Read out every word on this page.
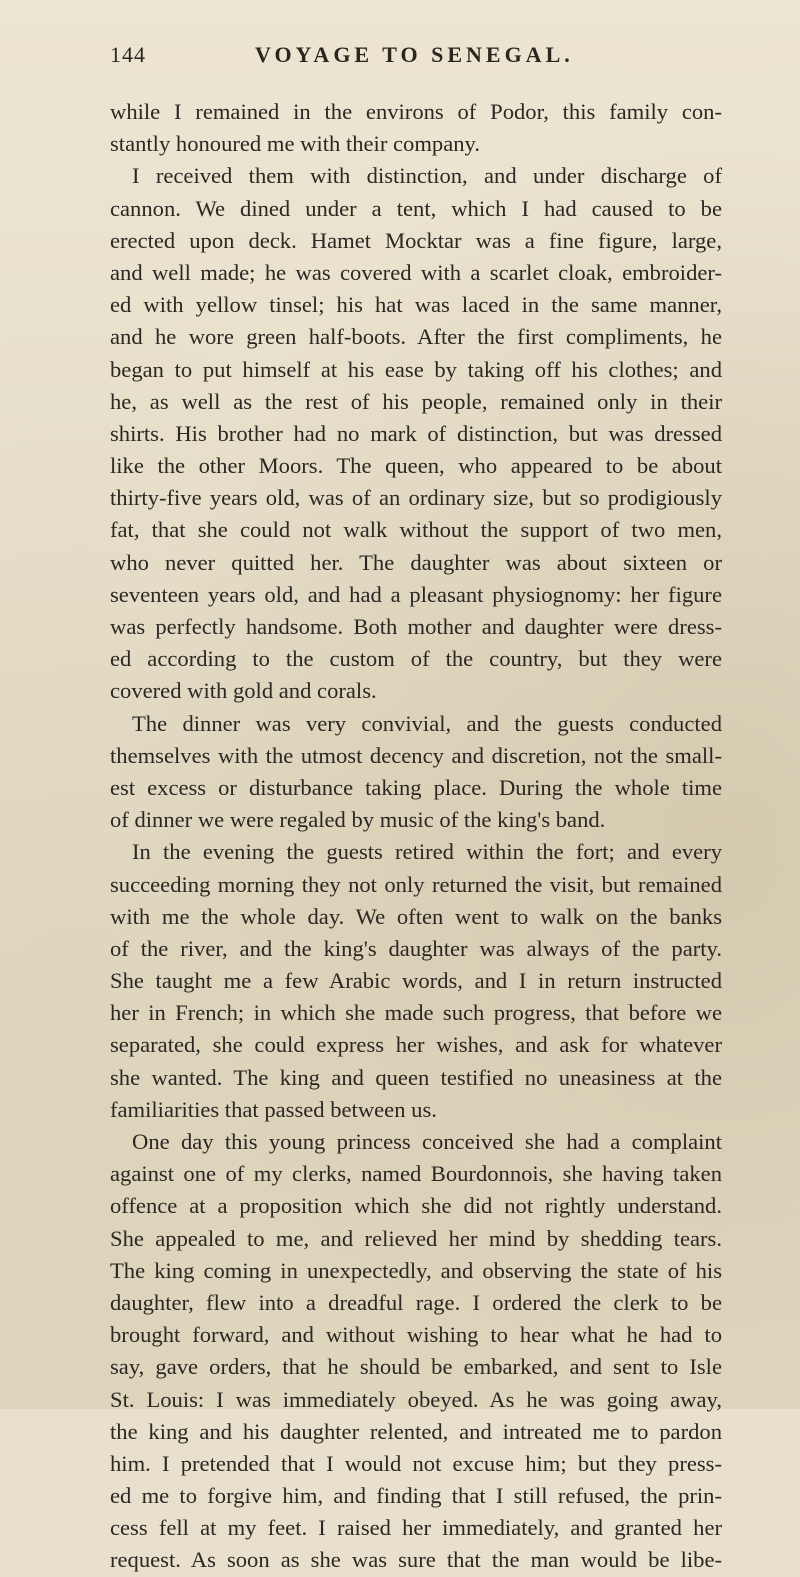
144	VOYAGE TO SENEGAL.
while I remained in the environs of Podor, this family con-
stantly honoured me with their company.
I received them with distinction, and under discharge of
cannon. We dined under a tent, which I had caused to be
erected upon deck. Hamet Mocktar was a fine figure, large,
and well made; he was covered with a scarlet cloak, embroider-
ed with yellow tinsel; his hat was laced in the same manner,
and he wore green half-boots. After the first compliments, he
began to put himself at his ease by taking off his clothes; and
he, as well as the rest of his people, remained only in their
shirts. His brother had no mark of distinction, but was dressed
like the other Moors. The queen, who appeared to be about
thirty-five years old, was of an ordinary size, but so prodigiously
fat, that she could not walk without the support of two men,
who never quitted her. The daughter was about sixteen or
seventeen years old, and had a pleasant physiognomy: her figure
was perfectly handsome. Both mother and daughter were dress-
ed according to the custom of the country, but they were
covered with gold and corals.
The dinner was very convivial, and the guests conducted
themselves with the utmost decency and discretion, not the small-
est excess or disturbance taking place. During the whole time
of dinner we were regaled by music of the king's band.
In the evening the guests retired within the fort; and every
succeeding morning they not only returned the visit, but remained
with me the whole day. We often went to walk on the banks
of the river, and the king's daughter was always of the party.
She taught me a few Arabic words, and I in return instructed
her in French; in which she made such progress, that before we
separated, she could express her wishes, and ask for whatever
she wanted. The king and queen testified no uneasiness at the
familiarities that passed between us.
One day this young princess conceived she had a complaint
against one of my clerks, named Bourdonnois, she having taken
offence at a proposition which she did not rightly understand.
She appealed to me, and relieved her mind by shedding tears.
The king coming in unexpectedly, and observing the state of his
daughter, flew into a dreadful rage. I ordered the clerk to be
brought forward, and without wishing to hear what he had to
say, gave orders, that he should be embarked, and sent to Isle
St. Louis: I was immediately obeyed. As he was going away,
the king and his daughter relented, and intreated me to pardon
him. I pretended that I would not excuse him; but they press-
ed me to forgive him, and finding that I still refused, the prin-
cess fell at my feet. I raised her immediately, and granted her
request. As soon as she was sure that the man would be libe-
